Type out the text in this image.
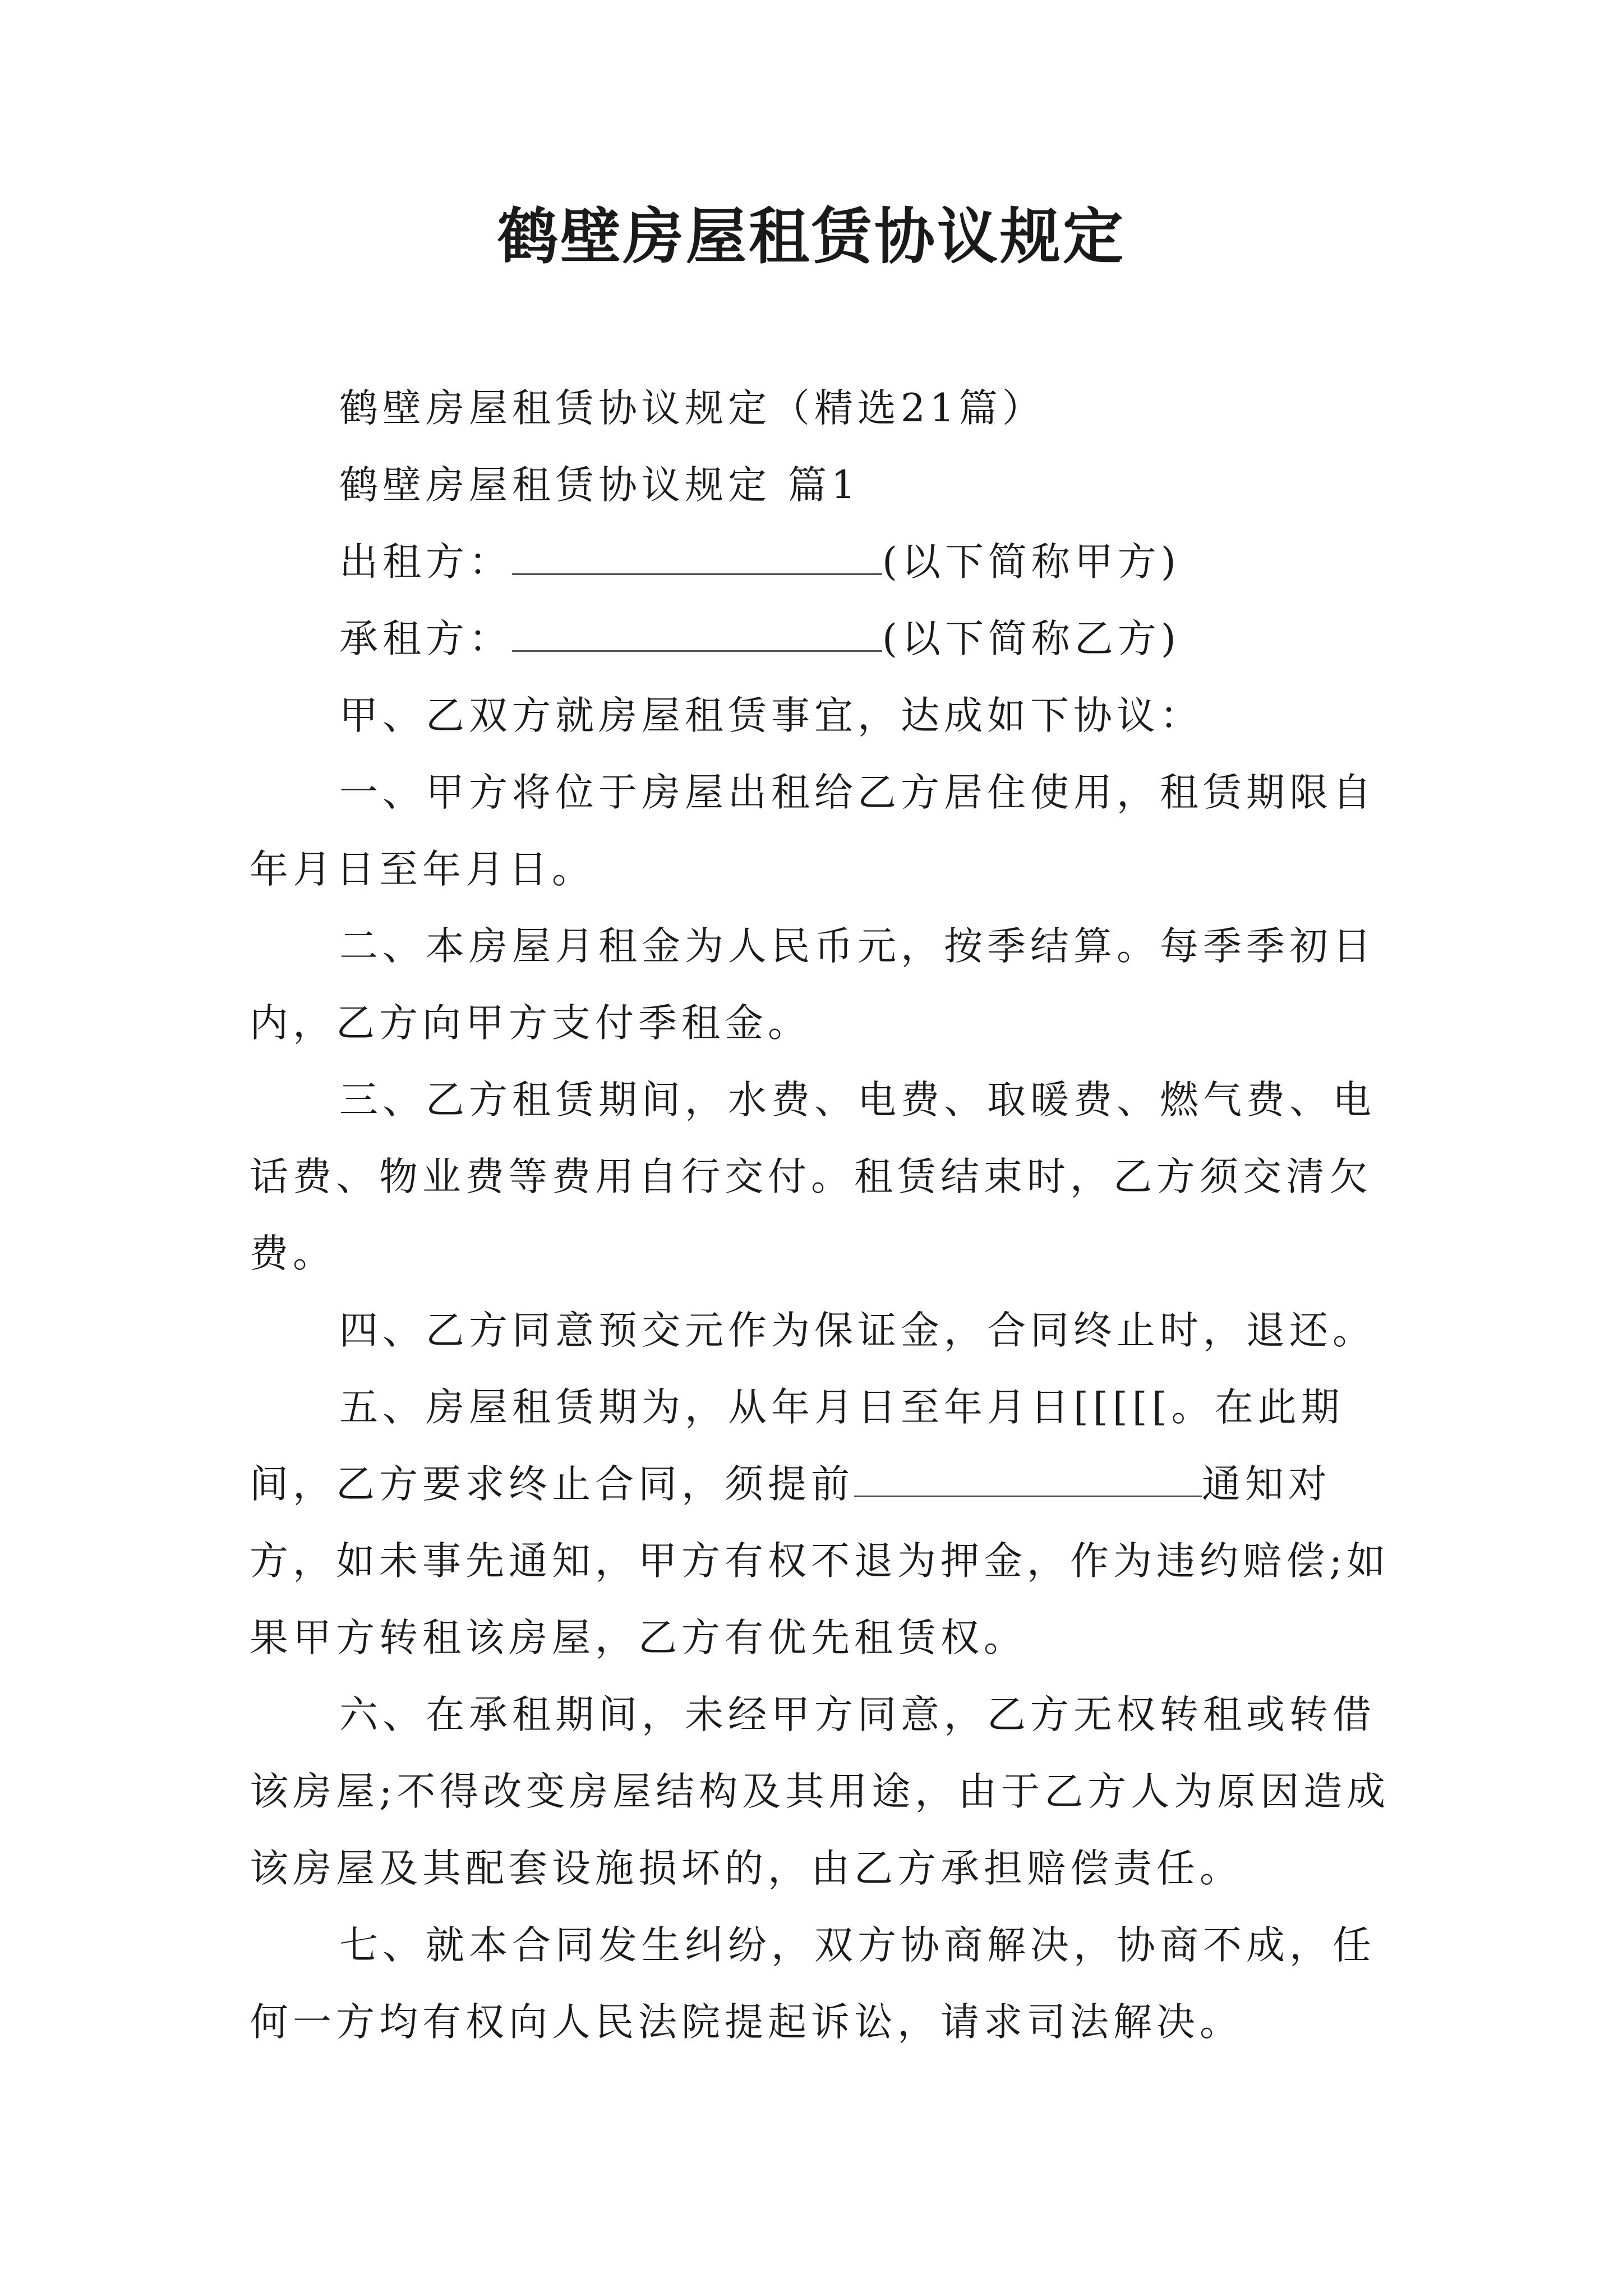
鹤壁房屋租赁协议规定

鹤壁房屋租赁协议规定（精选21篇）

鹤壁房屋租赁协议规定 篇1

出租方：	(以下简称甲方)

承租方：	(以下简称乙方)

甲、乙双方就房屋租赁事宜，达成如下协议：

一、甲方将位于房屋出租给乙方居住使用，租赁期限自年月日至年月日。

二、本房屋月租金为人民币元，按季结算。每季季初日内，乙方向甲方支付季租金。

三、乙方租赁期间，水费、电费、取暖费、燃气费、电话费、物业费等费用自行交付。租赁结束时，乙方须交清欠费。

四、乙方同意预交元作为保证金，合同终止时，退还。

五、房屋租赁期为，从年月日至年月日[[[[[。在此期间，乙方要求终止合同，须提前	通知对方，如未事先通知，甲方有权不退为押金，作为违约赔偿;如果甲方转租该房屋，乙方有优先租赁权。

六、在承租期间，未经甲方同意，乙方无权转租或转借该房屋;不得改变房屋结构及其用途，由于乙方人为原因造成该房屋及其配套设施损坏的，由乙方承担赔偿责任。

七、就本合同发生纠纷，双方协商解决，协商不成，任何一方均有权向人民法院提起诉讼，请求司法解决。
